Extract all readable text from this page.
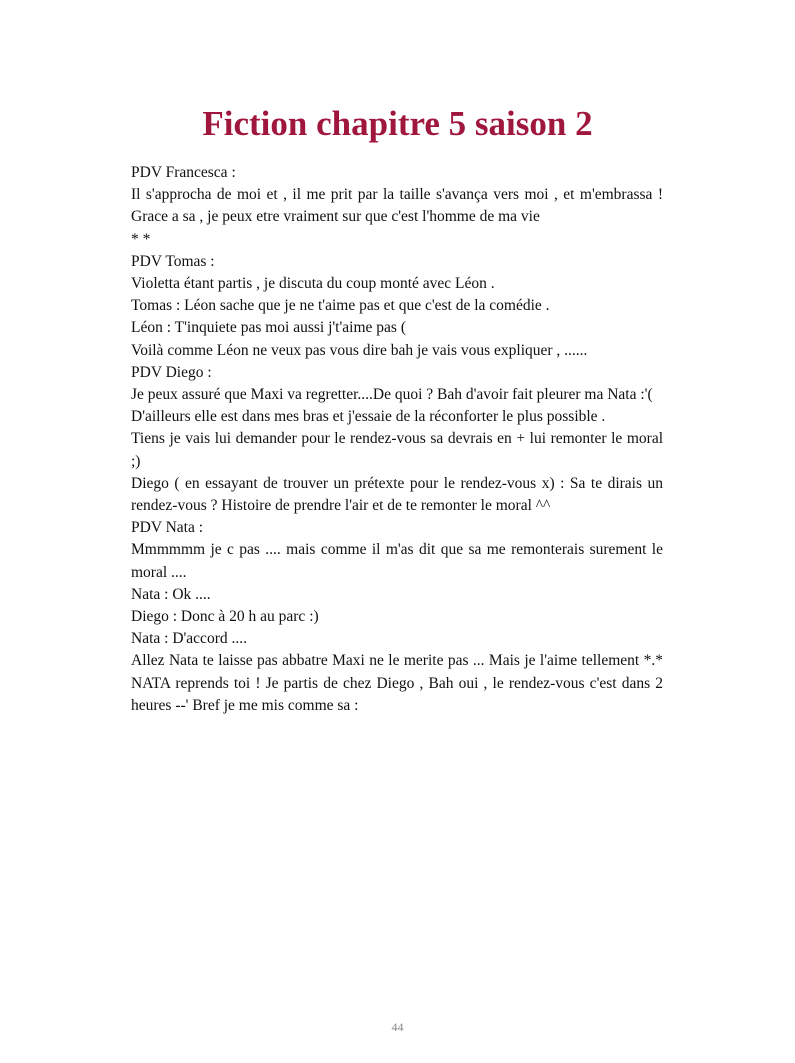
Fiction chapitre 5 saison 2
PDV Francesca :
Il s'approcha de moi et , il me prit par la taille s'avança vers moi , et m'embrassa ! Grace a sa , je peux etre vraiment sur que c'est l'homme de ma vie
* *
PDV Tomas :
Violetta étant partis , je discuta du coup monté avec Léon .
Tomas : Léon sache que je ne t'aime pas et que c'est de la comédie .
Léon : T'inquiete pas moi aussi j't'aime pas (
Voilà comme Léon ne veux pas vous dire bah je vais vous expliquer , ......
PDV Diego :
Je peux assuré que Maxi va regretter....De quoi ? Bah d'avoir fait pleurer ma Nata :'(
D'ailleurs elle est dans mes bras et j'essaie de la réconforter le plus possible .
Tiens je vais lui demander pour le rendez-vous sa devrais en + lui remonter le moral ;)
Diego ( en essayant de trouver un prétexte pour le rendez-vous x) : Sa te dirais un rendez-vous ? Histoire de prendre l'air et de te remonter le moral ^^
PDV Nata :
Mmmmmm je c pas .... mais comme il m'as dit que sa me remonterais surement le moral ....
Nata : Ok ....
Diego : Donc à 20 h au parc :)
Nata : D'accord ....
Allez Nata te laisse pas abbatre Maxi ne le merite pas ... Mais je l'aime tellement *.* NATA reprends toi ! Je partis de chez Diego , Bah oui , le rendez-vous c'est dans 2 heures --' Bref je me mis comme sa :
44
